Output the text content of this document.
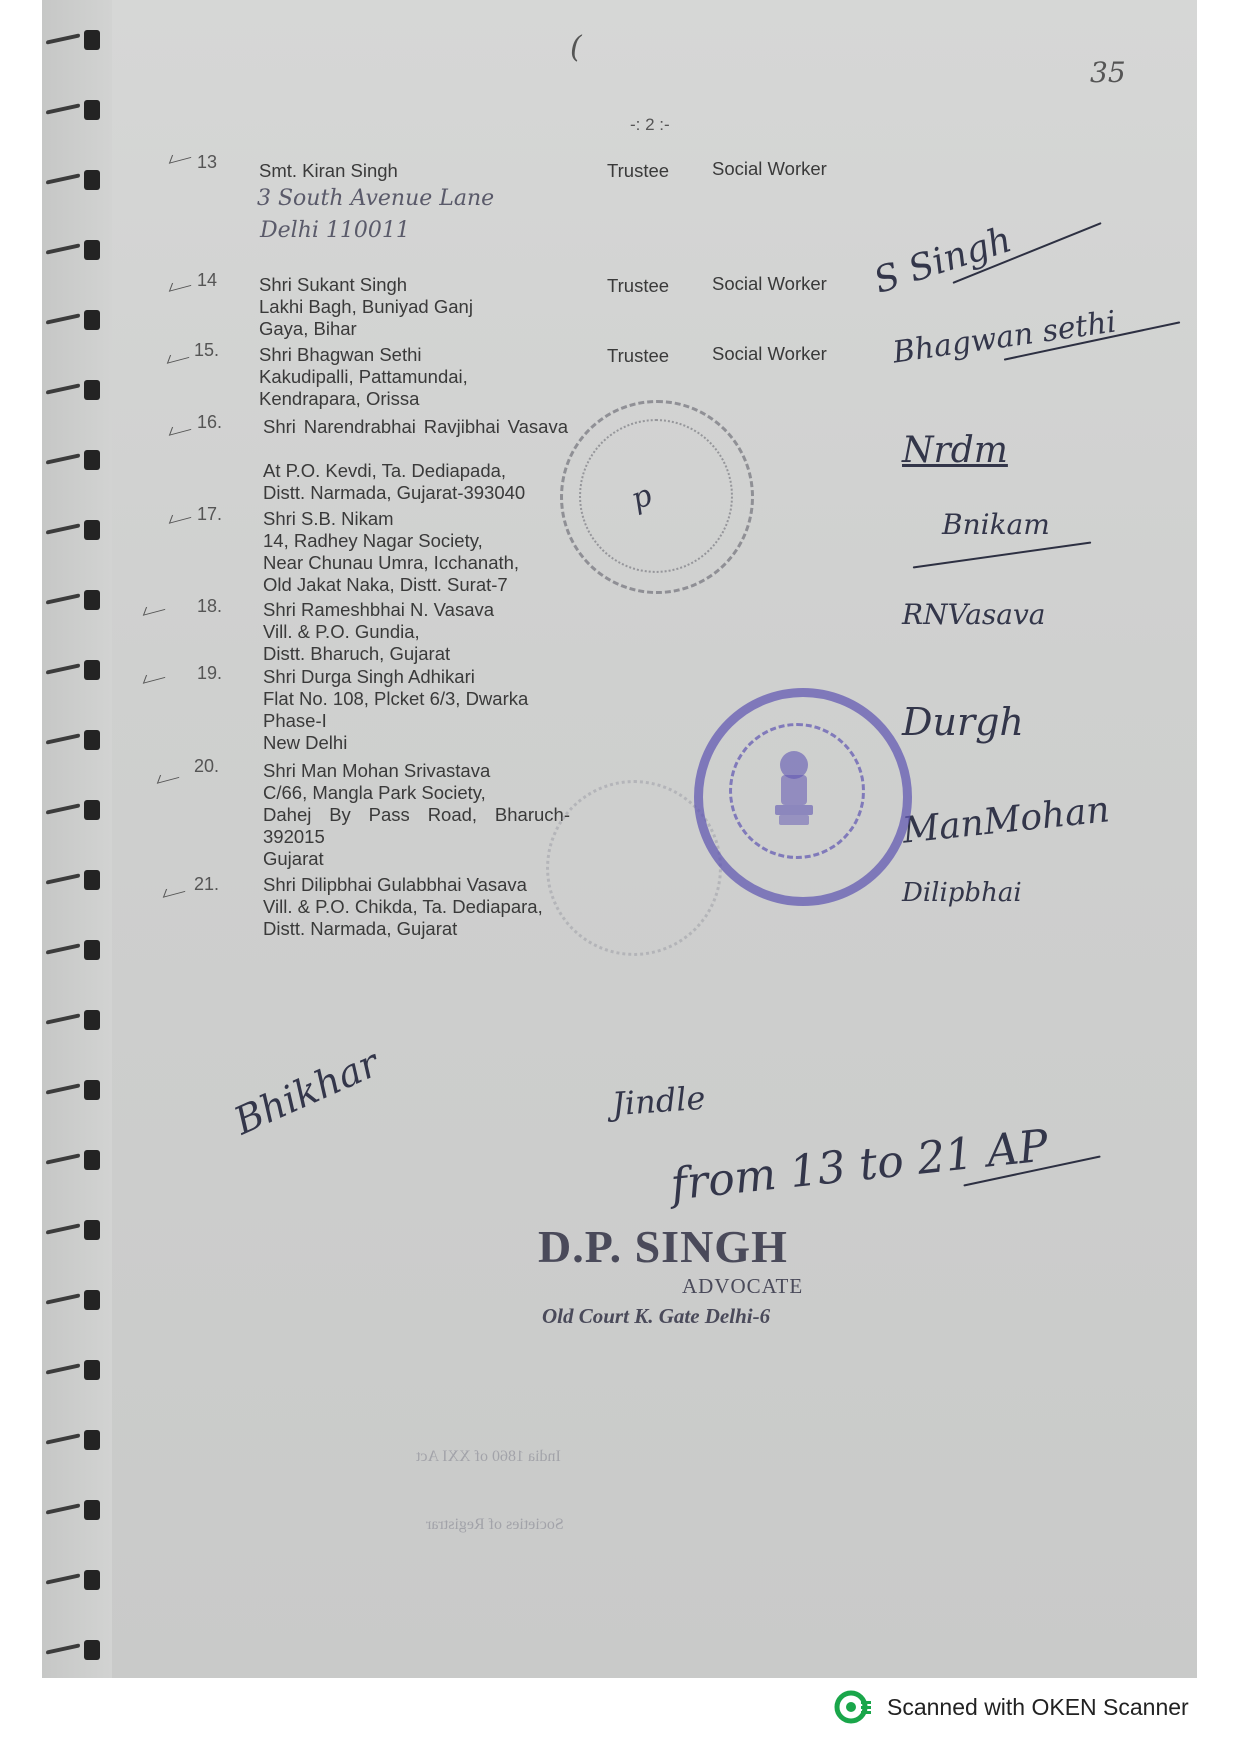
-: 2 :-
35
(
13 Smt. Kiran Singh
3 South Avenue Lane
Delhi 110011
Trustee Social Worker
14 Shri Sukant Singh
Lakhi Bagh, Buniyad Ganj
Gaya, Bihar
Trustee Social Worker S Singh
15. Shri Bhagwan Sethi
Kakudipalli, Pattamundai,
Kendrapara, Orissa
Trustee Social Worker Bhagwan sethi
16. Shri Narendrabhai Ravjibhai Vasava
At P.O. Kevdi, Ta. Dediapada,
Distt. Narmada, Gujarat-393040
Nrdm
17. Shri S.B. Nikam
14, Radhey Nagar Society,
Near Chunau Umra, Icchanath,
Old Jakat Naka, Distt. Surat-7
Bnikam
18. Shri Rameshbhai N. Vasava
Vill. & P.O. Gundia,
Distt. Bharuch, Gujarat
RNVasava
19. Shri Durga Singh Adhikari
Flat No. 108, Plcket 6/3, Dwarka
Phase-I
New Delhi	Durgh
20. Shri Man Mohan Srivastava
C/66, Mangla Park Society,
Dahej By Pass Road, Bharuch-
392015
Gujarat
ManMohan
21. Shri Dilipbhai Gulabbhai Vasava
Vill. & P.O. Chikda, Ta. Dediapara,
Distt. Narmada, Gujarat
Dilipbhai
p
Bhikhar	Jindle
from 13 to 21 AP
D.P. SINGH
ADVOCATE
Old Court K. Gate Delhi-6
India 1860 of XXI Act
Societies of Registrar
Scanned with OKEN Scanner
